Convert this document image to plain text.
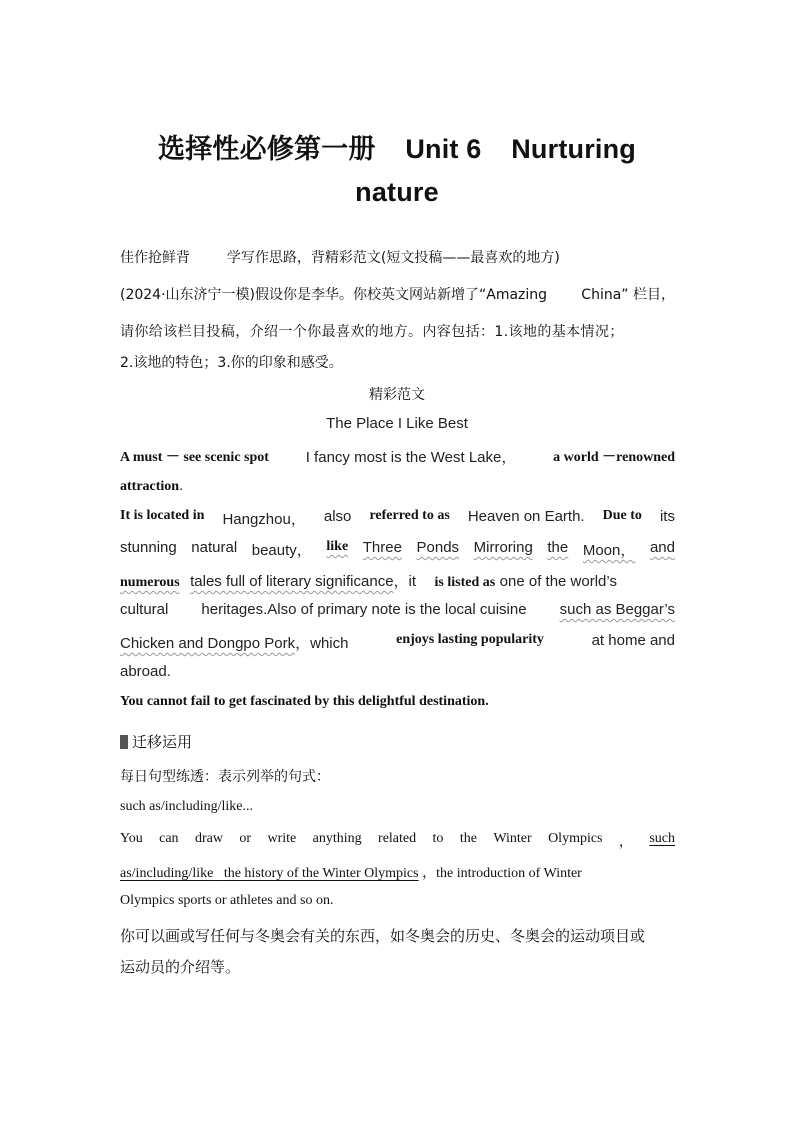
选择性必修第一册 Unit 6 Nurturing
nature
佳作抢鲜背	学写作思路，背精彩范文(短文投稿——最喜欢的地方)
(2024·山东济宁一模)假设你是李华。你校英文网站新增了“Amazing China” 栏目，
请你给该栏目投稿，介绍一个你最喜欢的地方。内容包括：1.该地的基本情况；
2.该地的特色；3.你的印象和感受。
精彩范文
The Place I Like Best
A must － see scenic spot I fancy most is the West Lake，	a world －renowned
attraction.
It is located in Hangzhou， also referred to as Heaven on Earth. Due to its
stunning natural beauty， like Three Ponds Mirroring the Moon， and
numerous tales full of literary significance，it is listed as one of the world’s
cultural heritages.Also of primary note is the local cuisine such as Beggar’s
Chicken and Dongpo Pork，which	enjoys lasting popularity	at home and
abroad.
You cannot fail to get fascinated by this delightful destination.
迁移运用
每日句型练透：表示列举的句式：
such as/including/like...
You can draw or write anything related to the Winter Olympics ， such
as/including/like the history of the Winter Olympics ，the introduction of Winter
Olympics sports or athletes and so on.
你可以画或写任何与冬奥会有关的东西，如冬奥会的历史、冬奥会的运动项目或
运动员的介绍等。
